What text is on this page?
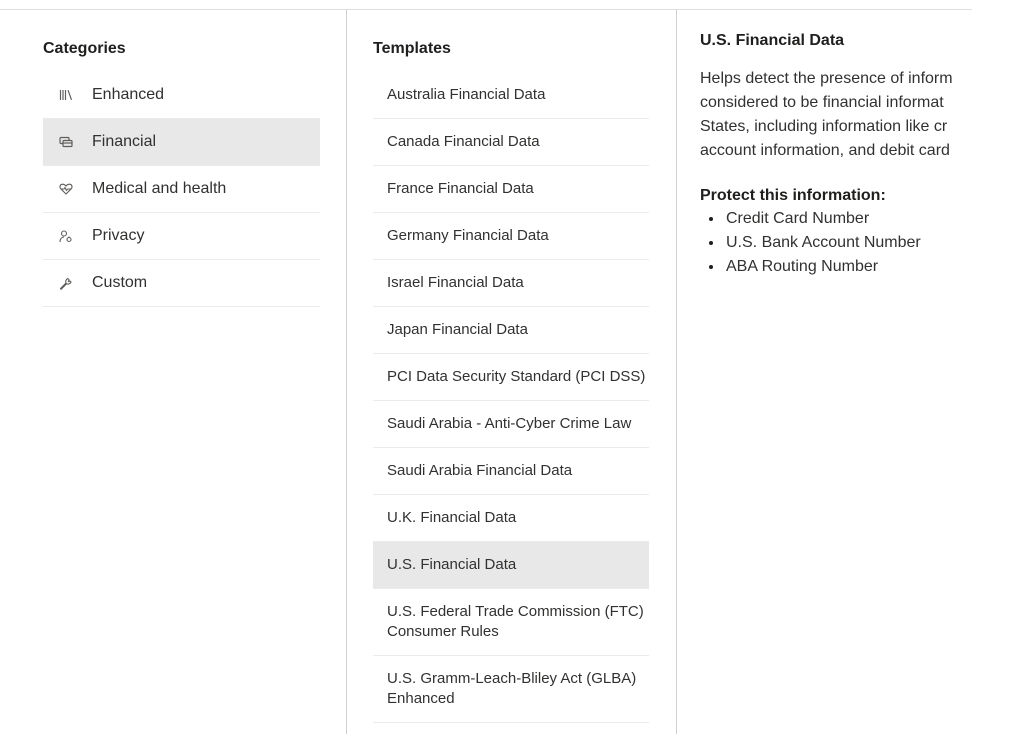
Categories
Enhanced
Financial
Medical and health
Privacy
Custom
Templates
Australia Financial Data
Canada Financial Data
France Financial Data
Germany Financial Data
Israel Financial Data
Japan Financial Data
PCI Data Security Standard (PCI DSS)
Saudi Arabia - Anti-Cyber Crime Law
Saudi Arabia Financial Data
U.K. Financial Data
U.S. Financial Data
U.S. Federal Trade Commission (FTC) Consumer Rules
U.S. Gramm-Leach-Bliley Act (GLBA) Enhanced
U.S. Financial Data
Helps detect the presence of inform
considered to be financial informat
States, including information like cr
account information, and debit card
Protect this information:
• Credit Card Number
• U.S. Bank Account Number
• ABA Routing Number
